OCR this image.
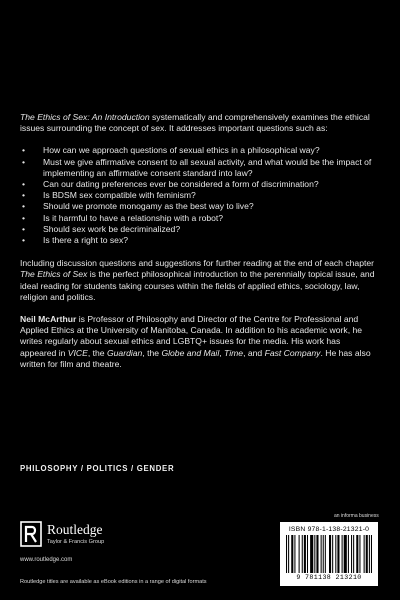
The Ethics of Sex: An Introduction systematically and comprehensively examines the ethical issues surrounding the concept of sex. It addresses important questions such as:

• How can we approach questions of sexual ethics in a philosophical way?
• Must we give affirmative consent to all sexual activity, and what would be the impact of implementing an affirmative consent standard into law?
• Can our dating preferences ever be considered a form of discrimination?
• Is BDSM sex compatible with feminism?
• Should we promote monogamy as the best way to live?
• Is it harmful to have a relationship with a robot?
• Should sex work be decriminalized?
• Is there a right to sex?

Including discussion questions and suggestions for further reading at the end of each chapter The Ethics of Sex is the perfect philosophical introduction to the perennially topical issue, and ideal reading for students taking courses within the fields of applied ethics, sociology, law, religion and politics.

Neil McArthur is Professor of Philosophy and Director of the Centre for Professional and Applied Ethics at the University of Manitoba, Canada. In addition to his academic work, he writes regularly about sexual ethics and LGBTQ+ issues for the media. His work has appeared in VICE, the Guardian, the Globe and Mail, Time, and Fast Company. He has also written for film and theatre.

PHILOSOPHY / POLITICS / GENDER
Routledge
Taylor & Francis Group
www.routledge.com
Routledge titles are available as eBook editions in a range of digital formats
an informa business
ISBN 978-1-138-21321-0
9 781138 213210
